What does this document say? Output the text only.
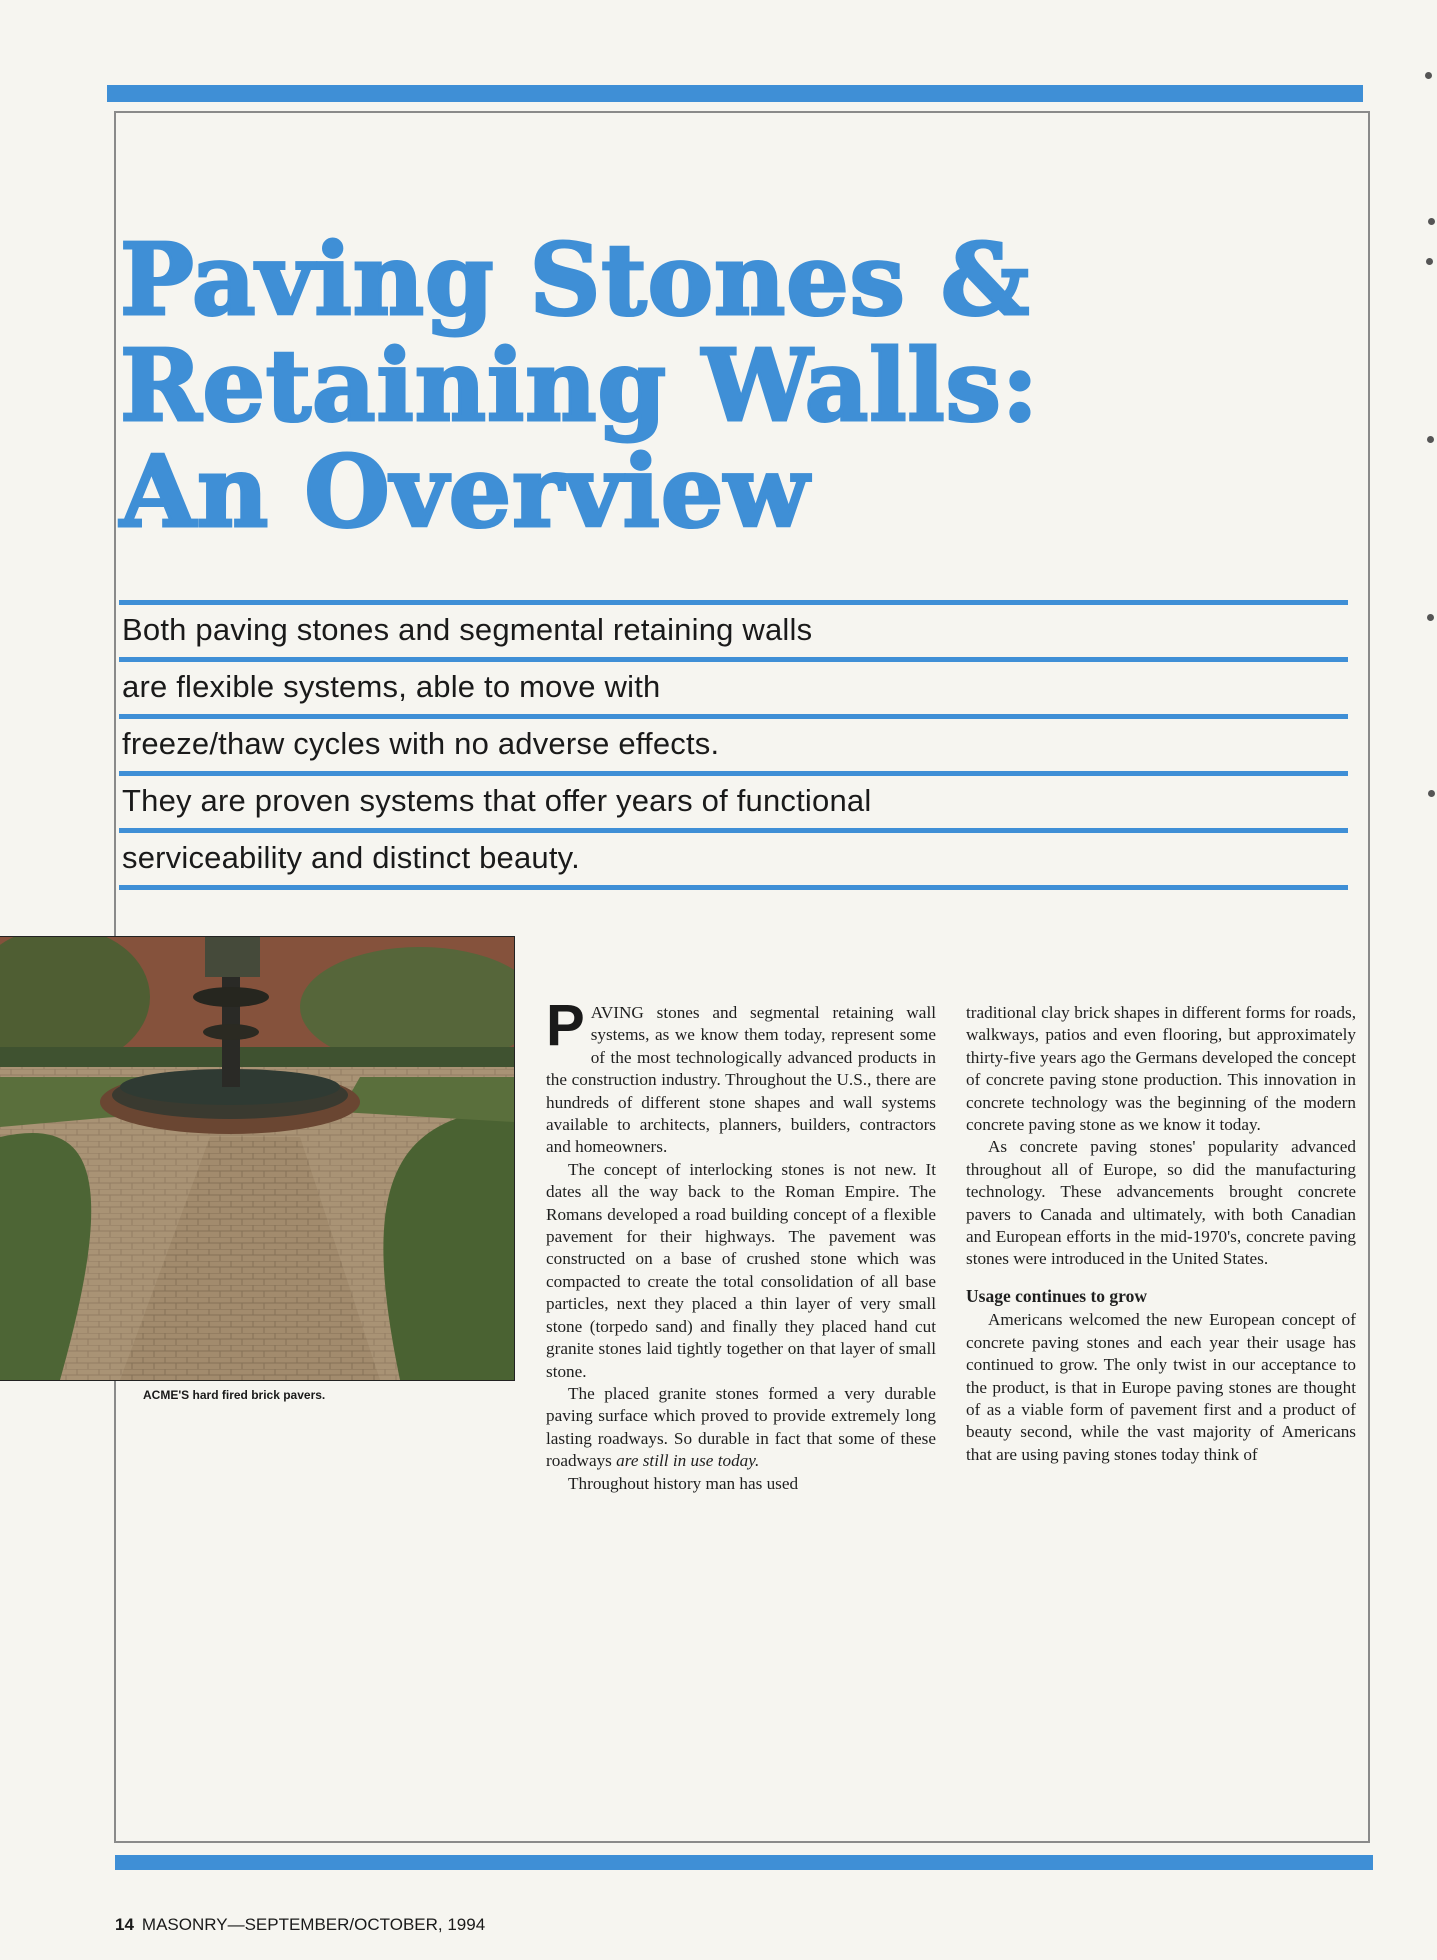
Paving Stones &
Retaining Walls:
An Overview
Both paving stones and segmental retaining walls
are flexible systems, able to move with
freeze/thaw cycles with no adverse effects.
They are proven systems that offer years of functional
serviceability and distinct beauty.
ACME'S hard fired brick pavers.

PAVING stones and segmental retaining wall systems, as we know them today, represent some of the most technologically advanced products in the construction industry. Throughout the U.S., there are hundreds of different stone shapes and wall systems available to architects, planners, builders, contractors and homeowners.

The concept of interlocking stones is not new. It dates all the way back to the Roman Empire. The Romans developed a road building concept of a flexible pavement for their highways. The pavement was constructed on a base of crushed stone which was compacted to create the total consolidation of all base particles, next they placed a thin layer of very small stone (torpedo sand) and finally they placed hand cut granite stones laid tightly together on that layer of small stone.

The placed granite stones formed a very durable paving surface which proved to provide extremely long lasting roadways. So durable in fact that some of these roadways are still in use today.

Throughout history man has used

traditional clay brick shapes in different forms for roads, walkways, patios and even flooring, but approximately thirty-five years ago the Germans developed the concept of concrete paving stone production. This innovation in concrete technology was the beginning of the modern concrete paving stone as we know it today.

As concrete paving stones' popularity advanced throughout all of Europe, so did the manufacturing technology. These advancements brought concrete pavers to Canada and ultimately, with both Canadian and European efforts in the mid-1970's, concrete paving stones were introduced in the United States.

Usage continues to grow

Americans welcomed the new European concept of concrete paving stones and each year their usage has continued to grow. The only twist in our acceptance to the product, is that in Europe paving stones are thought of as a viable form of pavement first and a product of beauty second, while the vast majority of Americans that are using paving stones today think of

14 MASONRY—SEPTEMBER/OCTOBER, 1994
